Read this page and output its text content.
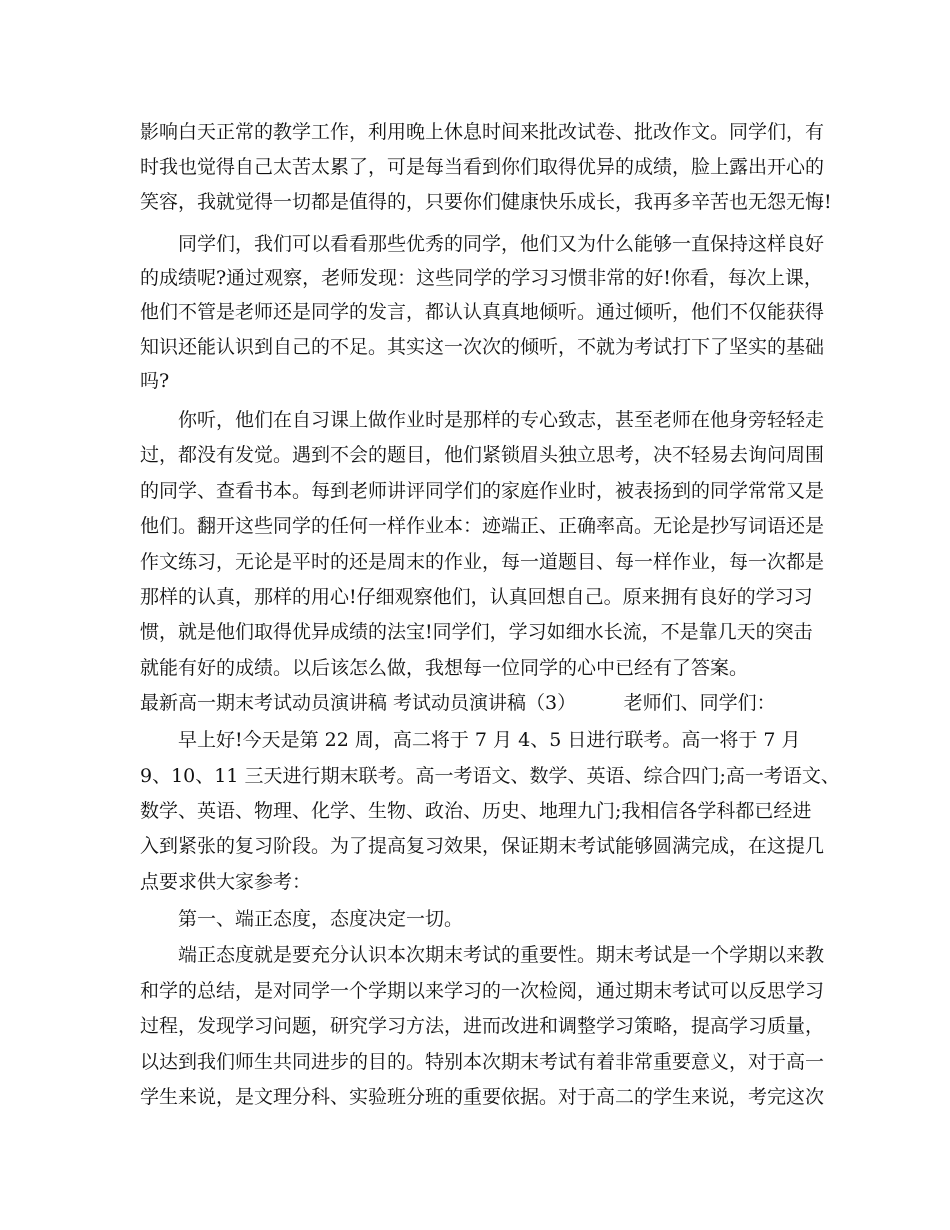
影响白天正常的教学工作，利用晚上休息时间来批改试卷、批改作文。同学们，有
时我也觉得自己太苦太累了，可是每当看到你们取得优异的成绩，脸上露出开心的
笑容，我就觉得一切都是值得的，只要你们健康快乐成长，我再多辛苦也无怨无悔!
　　同学们，我们可以看看那些优秀的同学，他们又为什么能够一直保持这样良好
的成绩呢?通过观察，老师发现：这些同学的学习习惯非常的好!你看，每次上课，
他们不管是老师还是同学的发言，都认认真真地倾听。通过倾听，他们不仅能获得
知识还能认识到自己的不足。其实这一次次的倾听，不就为考试打下了坚实的基础
吗?
　　你听，他们在自习课上做作业时是那样的专心致志，甚至老师在他身旁轻轻走
过，都没有发觉。遇到不会的题目，他们紧锁眉头独立思考，决不轻易去询问周围
的同学、查看书本。每到老师讲评同学们的家庭作业时，被表扬到的同学常常又是
他们。翻开这些同学的任何一样作业本：迹端正、正确率高。无论是抄写词语还是
作文练习，无论是平时的还是周末的作业，每一道题目、每一样作业，每一次都是
那样的认真，那样的用心!仔细观察他们，认真回想自己。原来拥有良好的学习习
惯，就是他们取得优异成绩的法宝!同学们，学习如细水长流，不是靠几天的突击
就能有好的成绩。以后该怎么做，我想每一位同学的心中已经有了答案。
最新高一期末考试动员演讲稿 考试动员演讲稿（3）　　　老师们、同学们：
　　早上好!今天是第 22 周，高二将于 7 月 4、5 日进行联考。高一将于 7 月
9、10、11 三天进行期末联考。高一考语文、数学、英语、综合四门;高一考语文、
数学、英语、物理、化学、生物、政治、历史、地理九门;我相信各学科都已经进
入到紧张的复习阶段。为了提高复习效果，保证期末考试能够圆满完成，在这提几
点要求供大家参考：
　　第一、端正态度，态度决定一切。
　　端正态度就是要充分认识本次期末考试的重要性。期末考试是一个学期以来教
和学的总结，是对同学一个学期以来学习的一次检阅，通过期末考试可以反思学习
过程，发现学习问题，研究学习方法，进而改进和调整学习策略，提高学习质量，
以达到我们师生共同进步的目的。特别本次期末考试有着非常重要意义，对于高一
学生来说，是文理分科、实验班分班的重要依据。对于高二的学生来说，考完这次
